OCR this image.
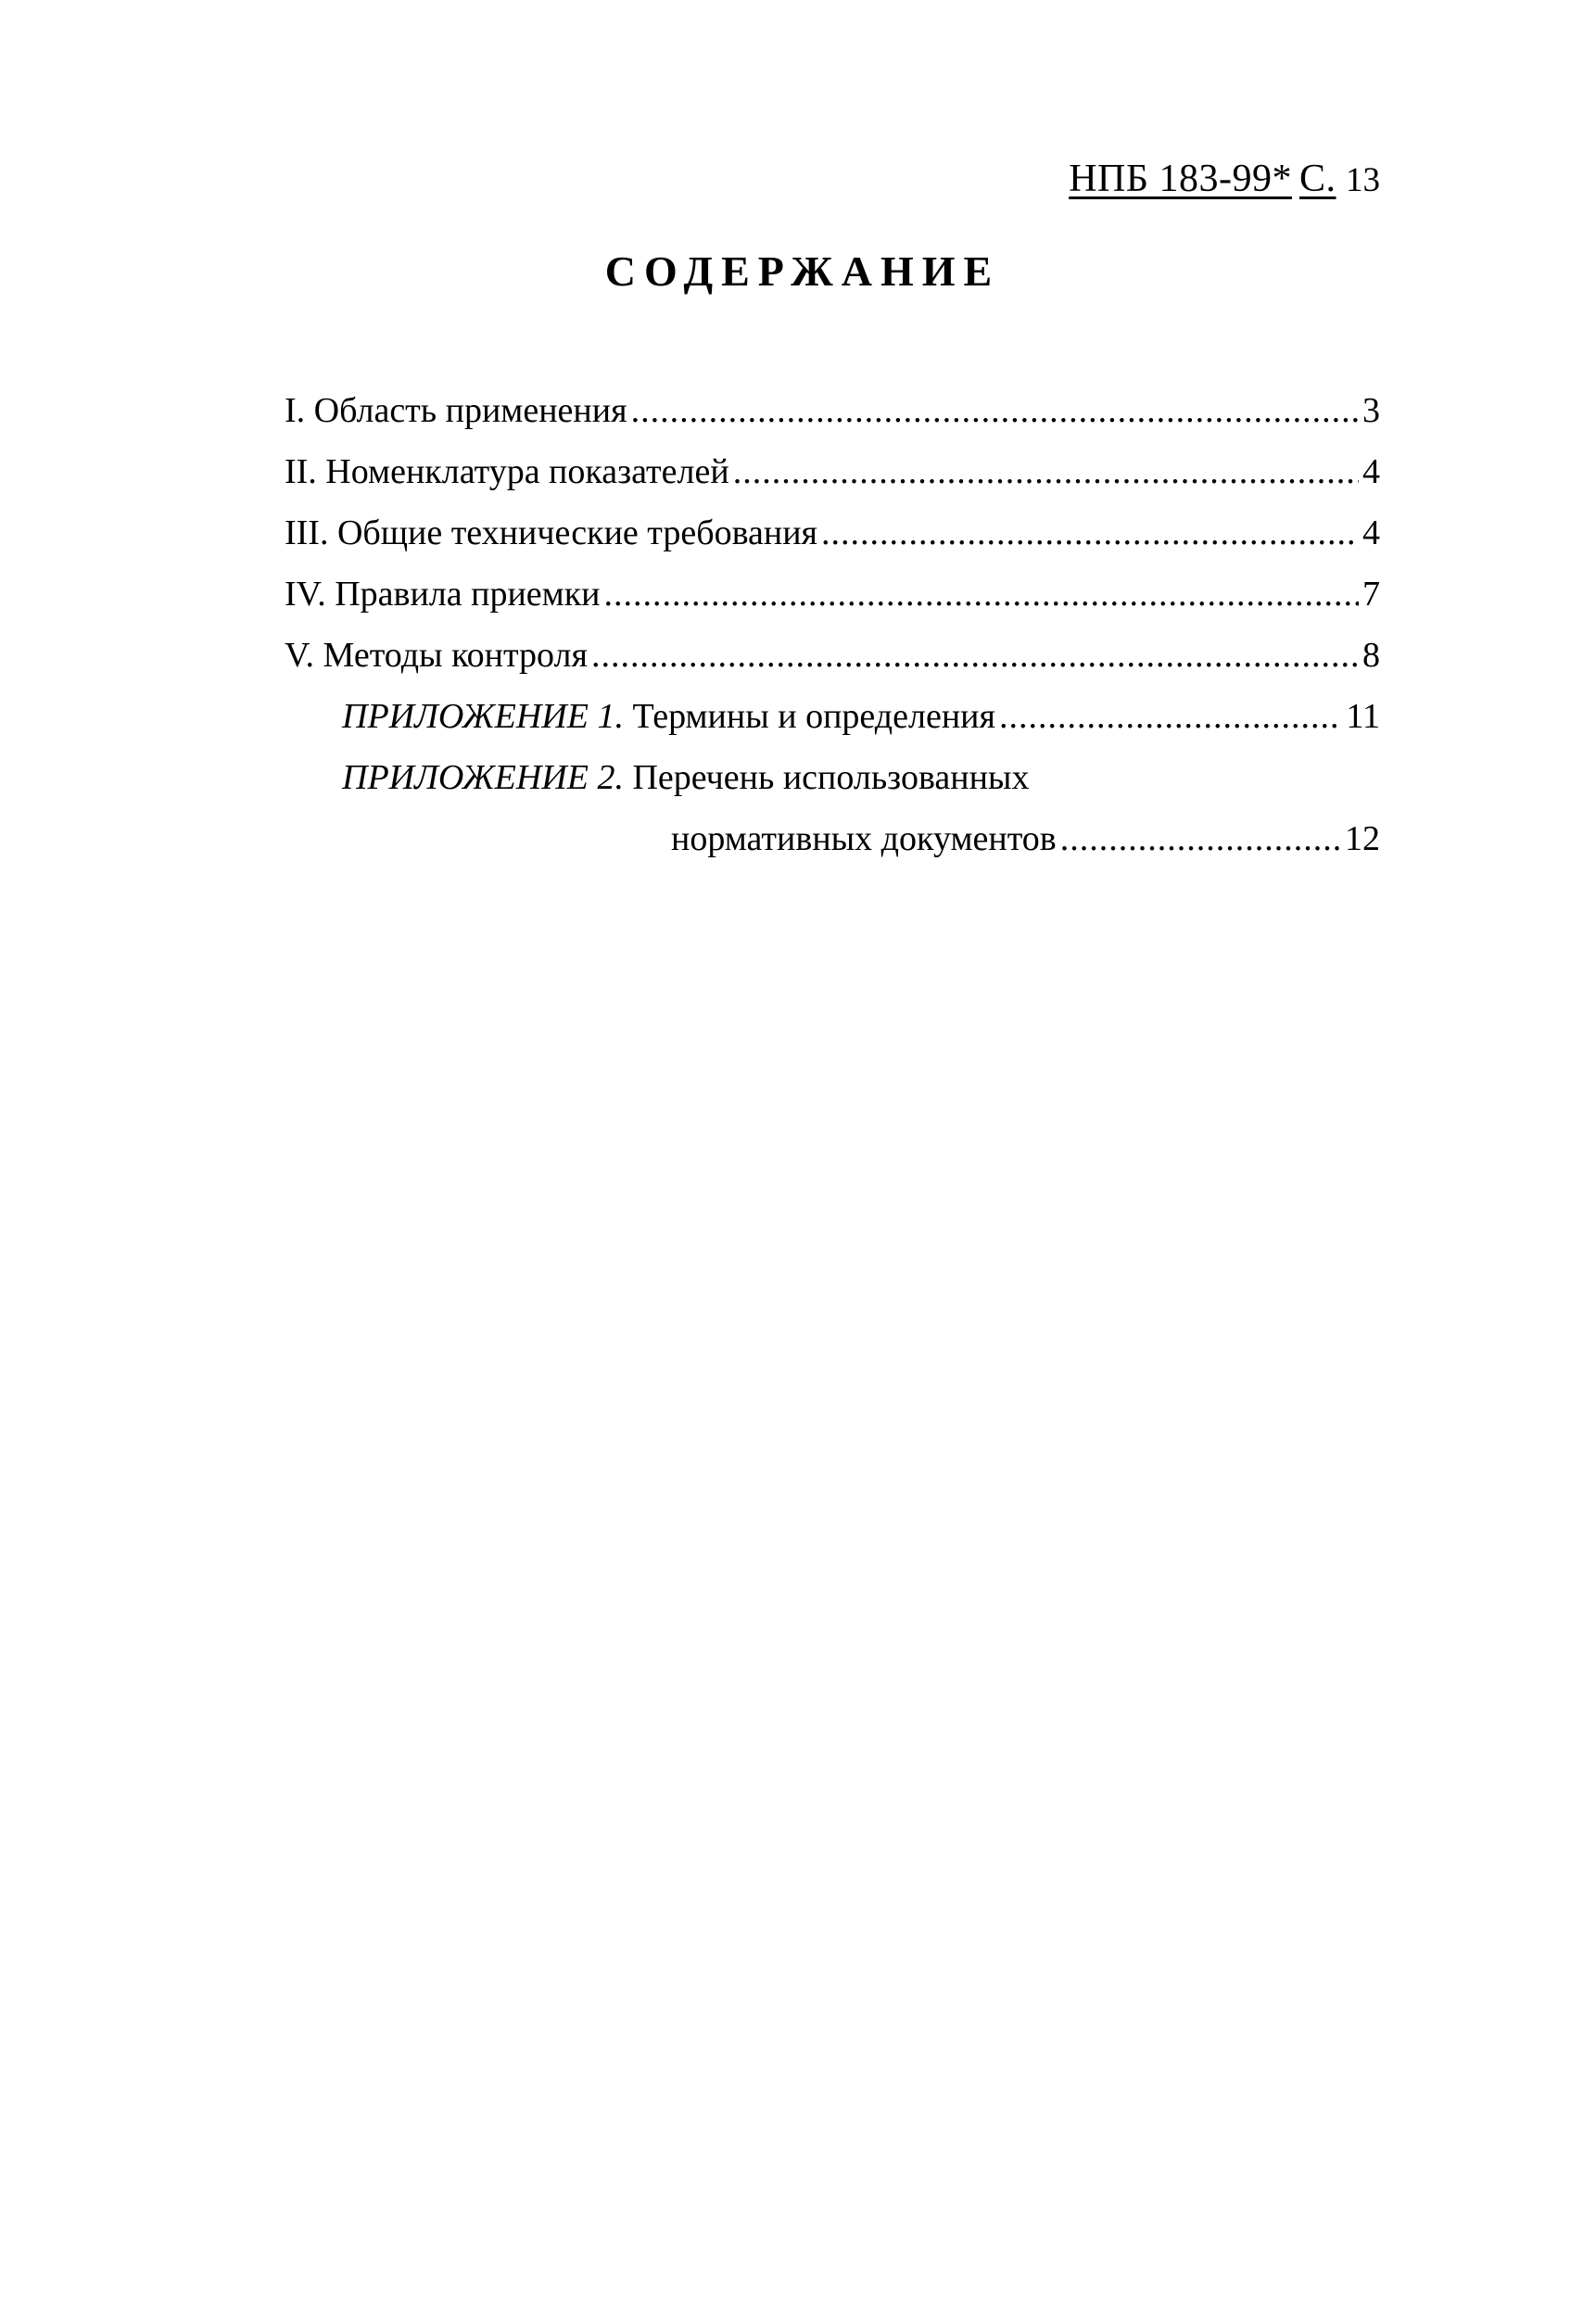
НПБ 183-99* С. 13
СОДЕРЖАНИЕ
I. Область применения .....	3
II. Номенклатура показателей .....	4
III. Общие технические требования .....	4
IV. Правила приемки .....	7
V. Методы контроля .....	8
ПРИЛОЖЕНИЕ 1. Термины и определения .....	11
ПРИЛОЖЕНИЕ 2. Перечень использованных
нормативных документов .....	12
